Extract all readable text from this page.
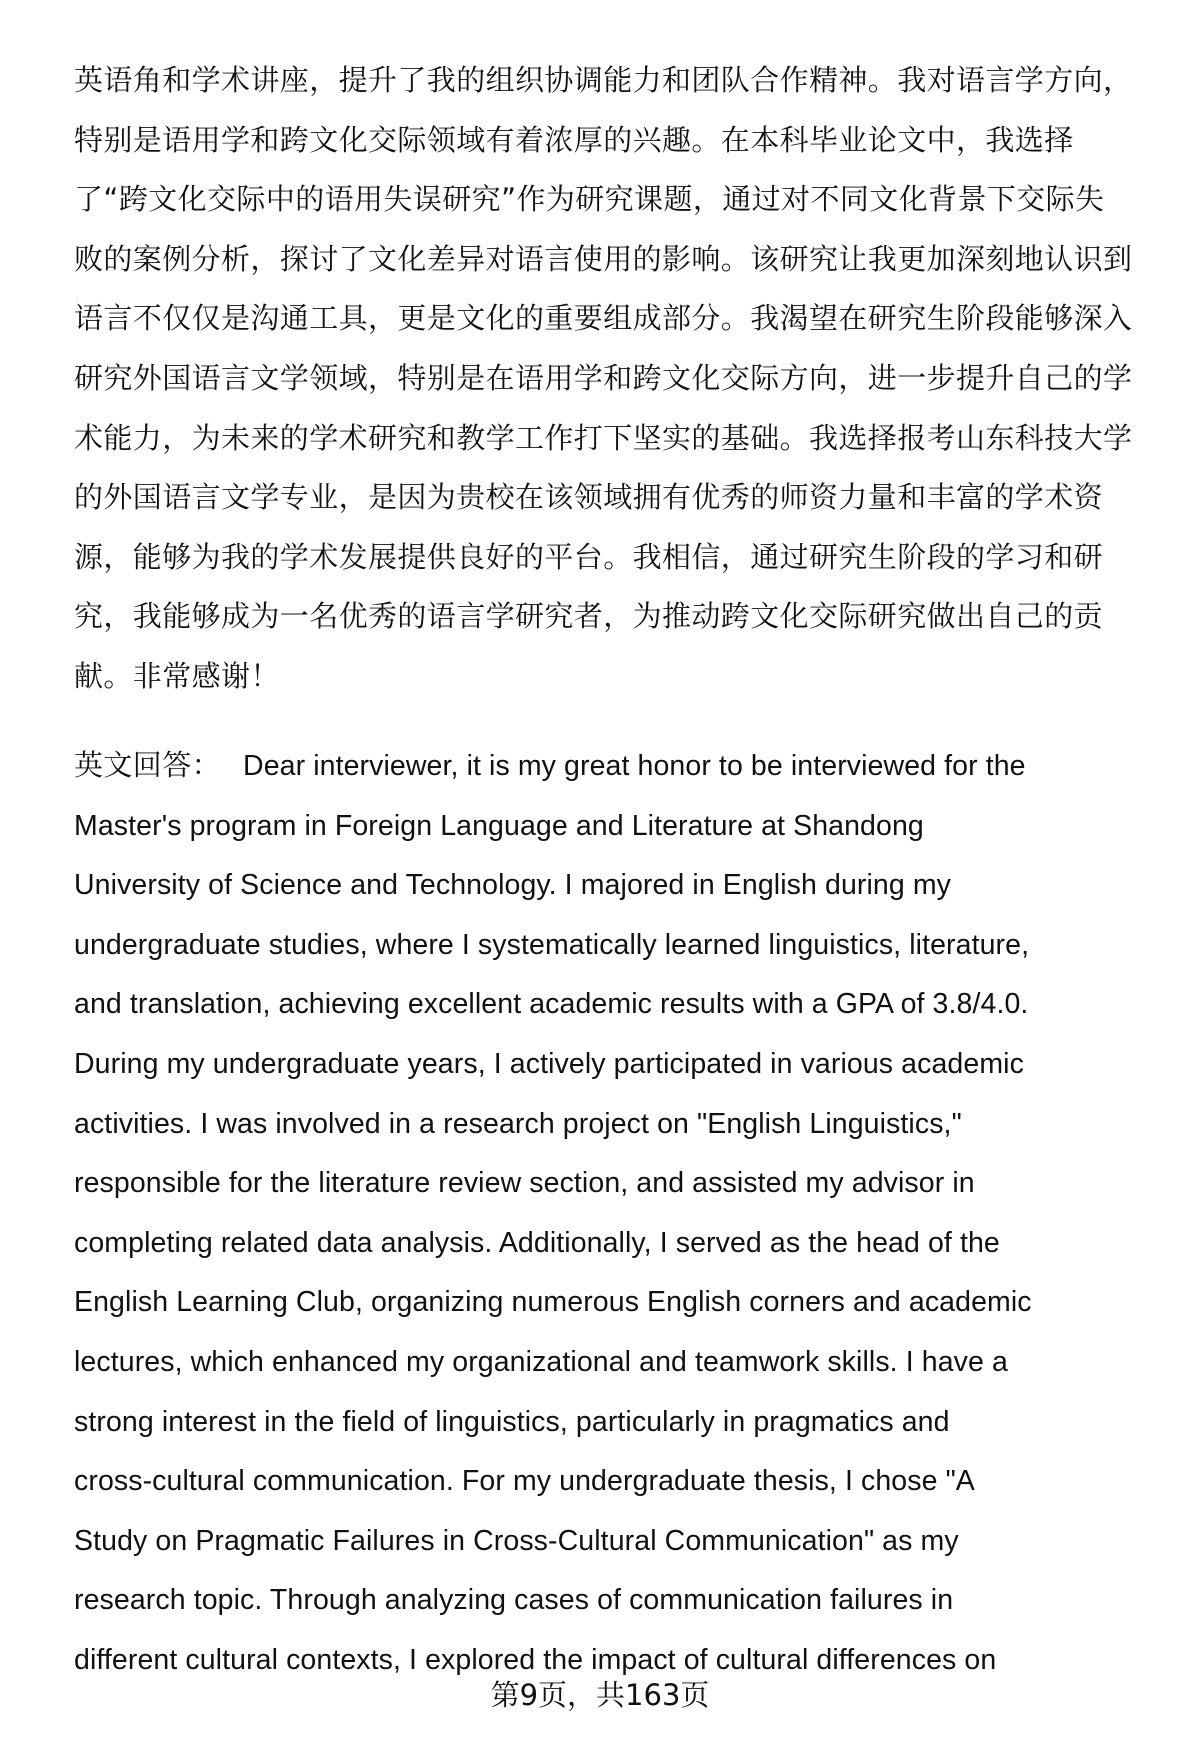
英语角和学术讲座，提升了我的组织协调能力和团队合作精神。我对语言学方向，
特别是语用学和跨文化交际领域有着浓厚的兴趣。在本科毕业论文中，我选择
了“跨文化交际中的语用失误研究”作为研究课题，通过对不同文化背景下交际失
败的案例分析，探讨了文化差异对语言使用的影响。该研究让我更加深刻地认识到
语言不仅仅是沟通工具，更是文化的重要组成部分。我渴望在研究生阶段能够深入
研究外国语言文学领域，特别是在语用学和跨文化交际方向，进一步提升自己的学
术能力，为未来的学术研究和教学工作打下坚实的基础。我选择报考山东科技大学
的外国语言文学专业，是因为贵校在该领域拥有优秀的师资力量和丰富的学术资
源，能够为我的学术发展提供良好的平台。我相信，通过研究生阶段的学习和研
究，我能够成为一名优秀的语言学研究者，为推动跨文化交际研究做出自己的贡
献。非常感谢！
英文回答： Dear interviewer, it is my great honor to be interviewed for the
Master's program in Foreign Language and Literature at Shandong
University of Science and Technology. I majored in English during my
undergraduate studies, where I systematically learned linguistics, literature,
and translation, achieving excellent academic results with a GPA of 3.8/4.0.
During my undergraduate years, I actively participated in various academic
activities. I was involved in a research project on "English Linguistics,"
responsible for the literature review section, and assisted my advisor in
completing related data analysis. Additionally, I served as the head of the
English Learning Club, organizing numerous English corners and academic
lectures, which enhanced my organizational and teamwork skills. I have a
strong interest in the field of linguistics, particularly in pragmatics and
cross-cultural communication. For my undergraduate thesis, I chose "A
Study on Pragmatic Failures in Cross-Cultural Communication" as my
research topic. Through analyzing cases of communication failures in
different cultural contexts, I explored the impact of cultural differences on
第9页，共163页
